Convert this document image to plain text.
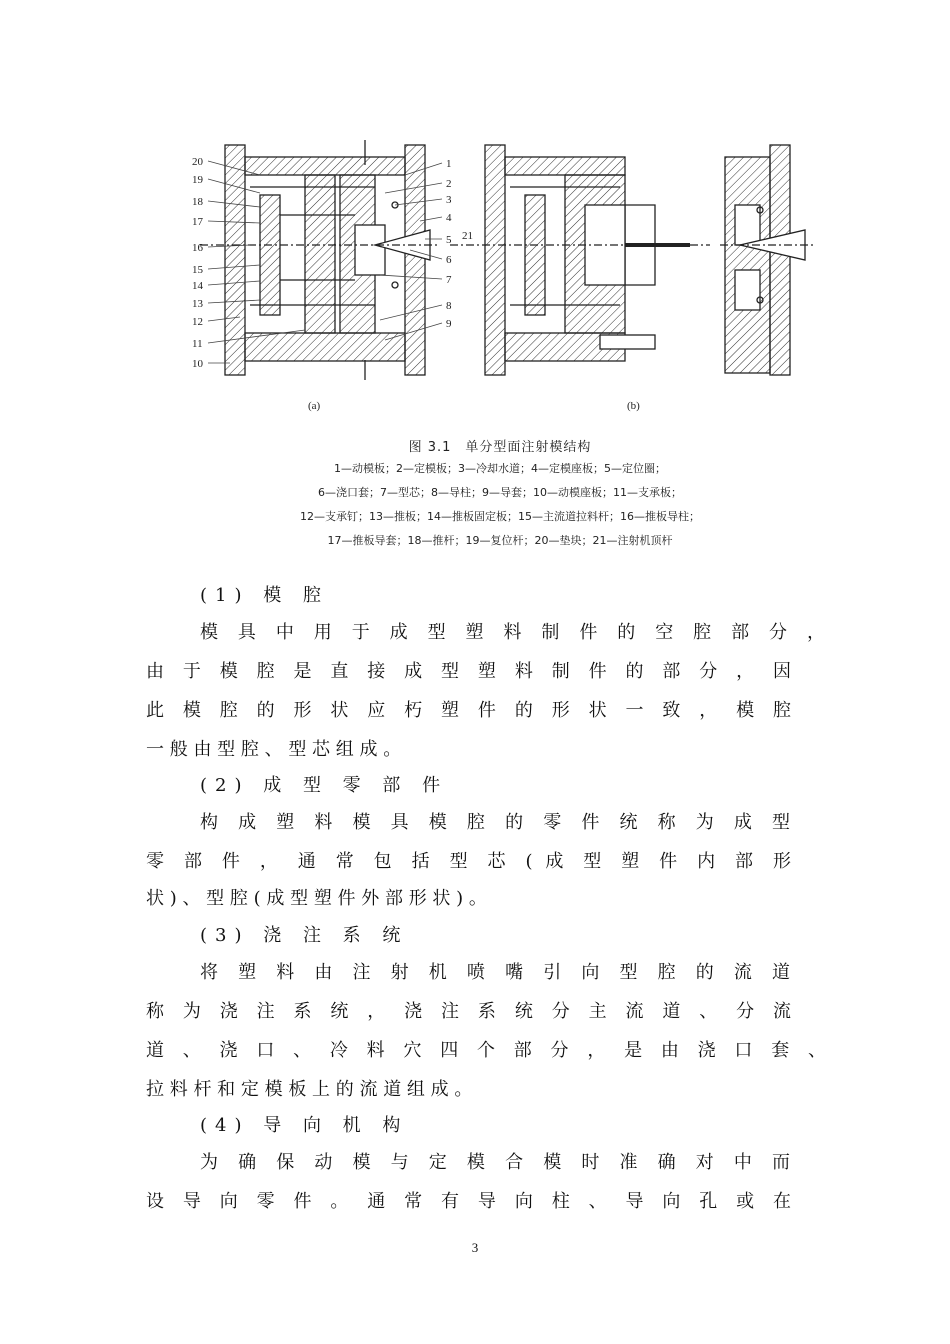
20
19
18
17
16
15
14
13
12
11
10
1
2
3
4
5
6
7
8
9
21
(a)	(b)
图 3.1　单分型面注射模结构
1—动模板；2—定模板；3—冷却水道；4—定模座板；5—定位圈；
6—浇口套；7—型芯；8—导柱；9—导套；10—动模座板；11—支承板；
12—支承钉；13—推板；14—推板固定板；15—主流道拉料杆；16—推板导柱；
17—推板导套；18—推杆；19—复位杆；20—垫块；21—注射机顶杆
(1) 模 腔
模 具 中 用 于 成 型 塑 料 制 件 的 空 腔 部 分 ，
由 于 模 腔 是 直 接 成 型 塑 料 制 件 的 部 分 ， 因
此 模 腔 的 形 状 应 朽 塑 件 的 形 状 一 致 ， 模 腔
一 般 由 型 腔 、 型 芯 组 成 。
(2) 成 型 零 部 件
构 成 塑 料 模 具 模 腔 的 零 件 统 称 为 成 型
零 部 件 ， 通 常 包 括 型 芯 ( 成 型 塑 件 内 部 形
状 ) 、 型 腔 ( 成 型 塑 件 外 部 形 状 ) 。
(3) 浇 注 系 统
将 塑 料 由 注 射 机 喷 嘴 引 向 型 腔 的 流 道
称 为 浇 注 系 统 ， 浇 注 系 统 分 主 流 道 、 分 流
道 、 浇 口 、 冷 料 穴 四 个 部 分 ， 是 由 浇 口 套 、
拉 料 杆 和 定 模 板 上 的 流 道 组 成 。
(4) 导 向 机 构
为 确 保 动 模 与 定 模 合 模 时 准 确 对 中 而
设 导 向 零 件 。 通 常 有 导 向 柱 、 导 向 孔 或 在
3
